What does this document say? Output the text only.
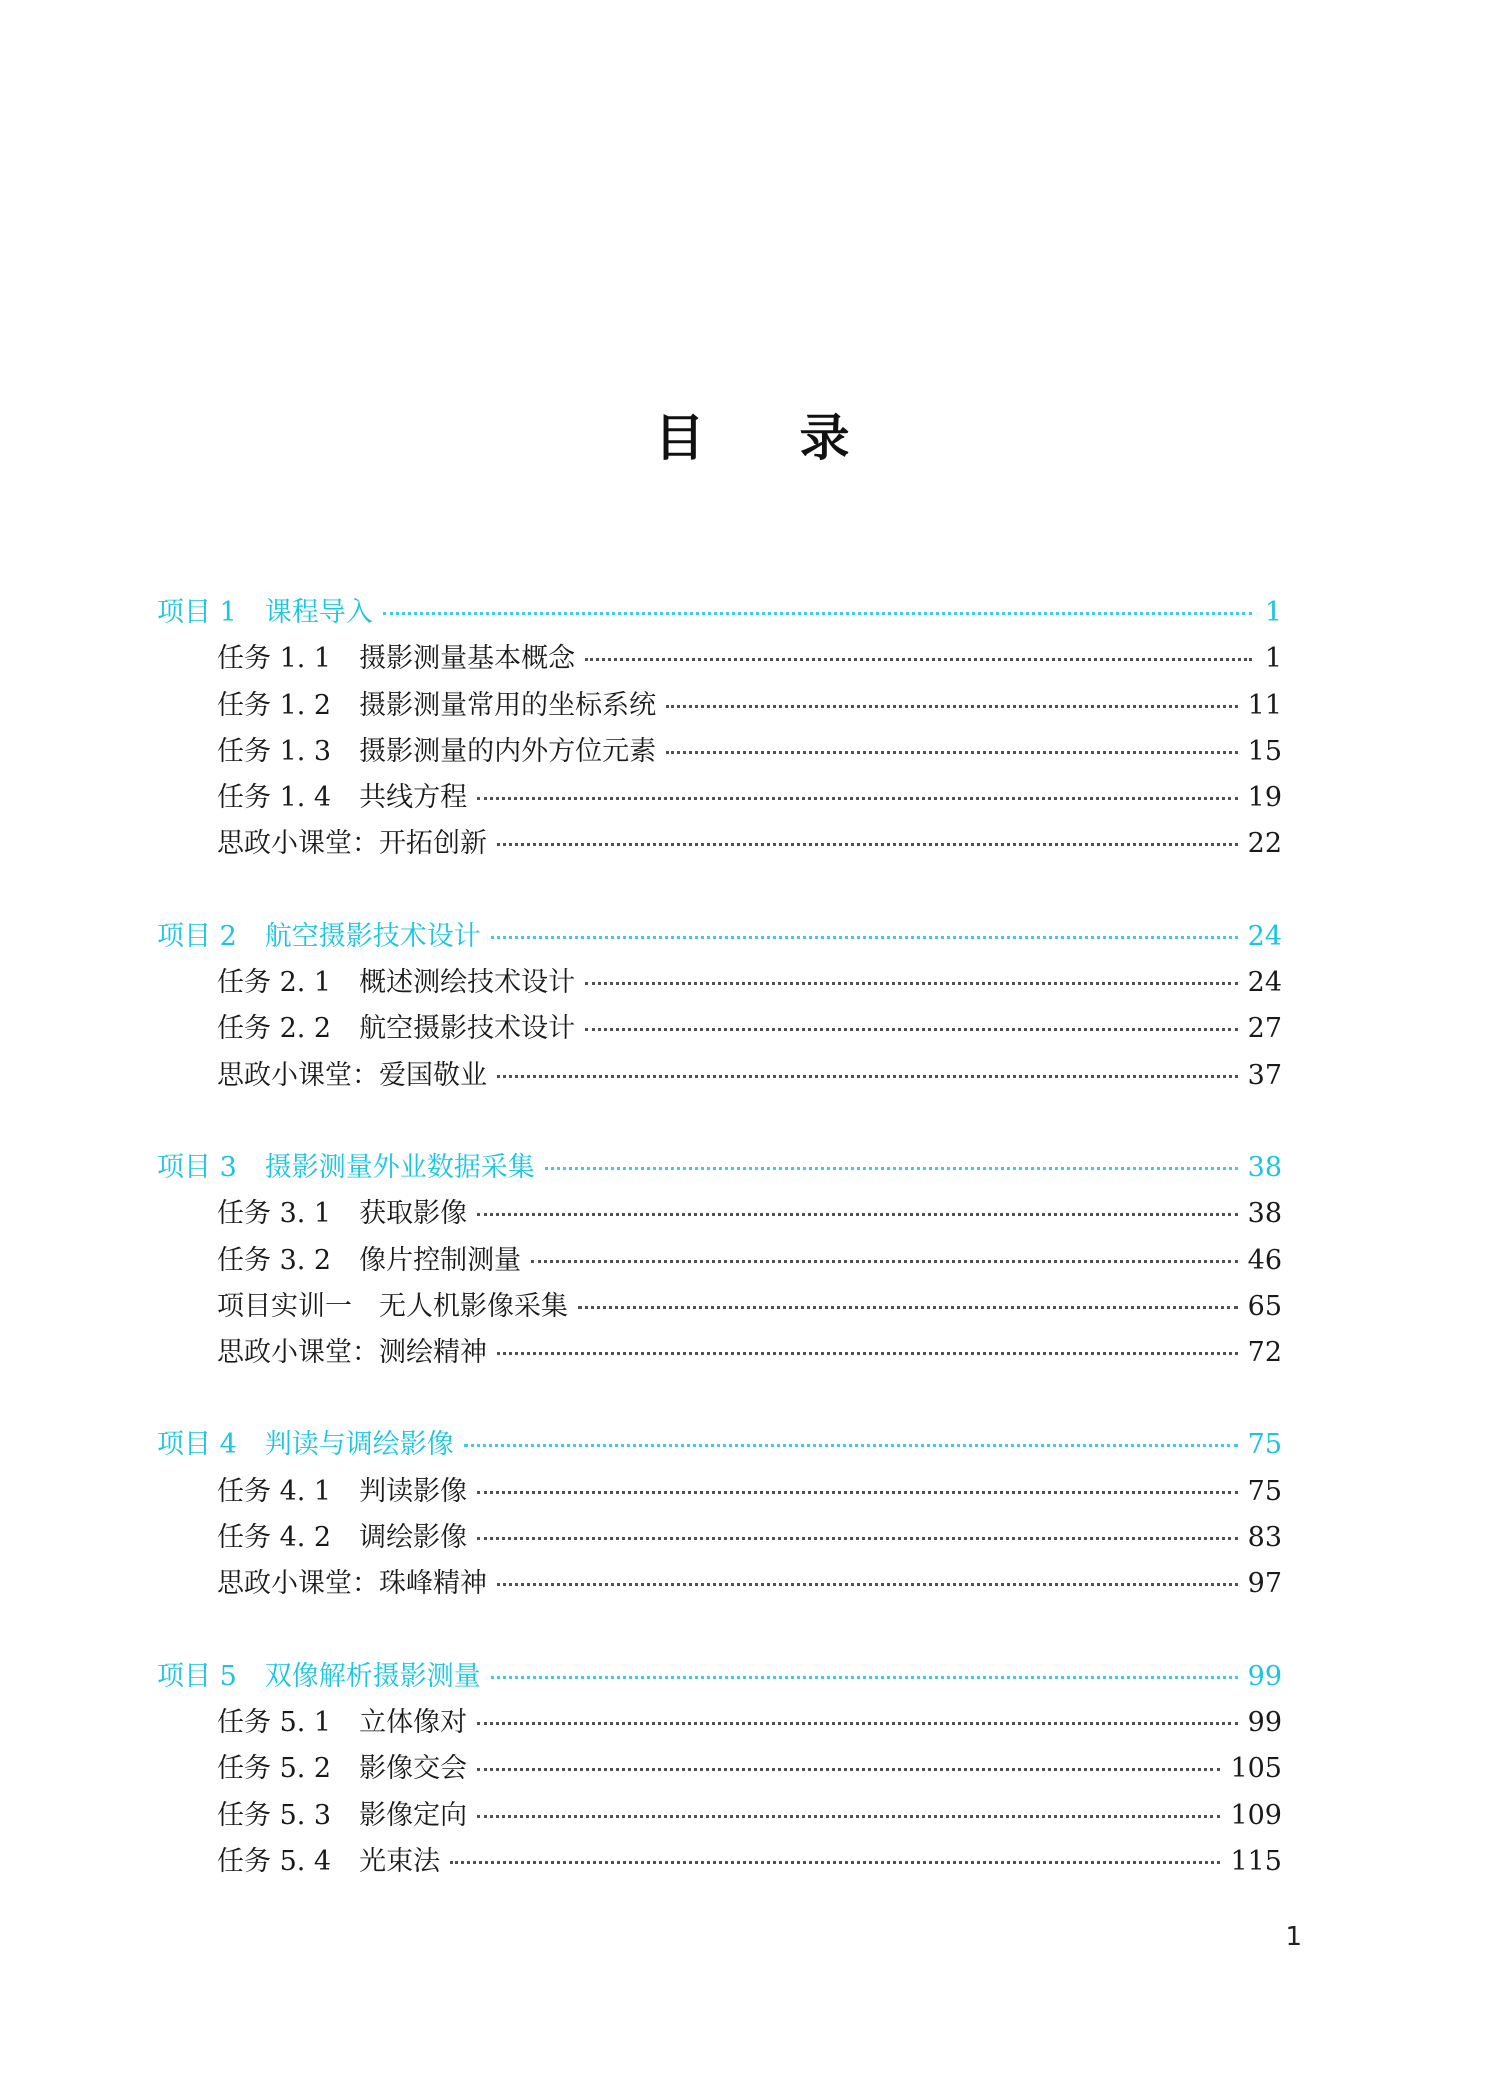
目录
项目 1 课程导入	1
任务 1. 1 摄影测量基本概念	1
任务 1. 2 摄影测量常用的坐标系统	11
任务 1. 3 摄影测量的内外方位元素	15
任务 1. 4 共线方程	19
思政小课堂：开拓创新	22
项目 2 航空摄影技术设计	24
任务 2. 1 概述测绘技术设计	24
任务 2. 2 航空摄影技术设计	27
思政小课堂：爱国敬业	37
项目 3 摄影测量外业数据采集	38
任务 3. 1 获取影像	38
任务 3. 2 像片控制测量	46
项目实训一　无人机影像采集	65
思政小课堂：测绘精神	72
项目 4 判读与调绘影像	75
任务 4. 1 判读影像	75
任务 4. 2 调绘影像	83
思政小课堂：珠峰精神	97
项目 5 双像解析摄影测量	99
任务 5. 1 立体像对	99
任务 5. 2 影像交会	105
任务 5. 3 影像定向	109
任务 5. 4 光束法	115
1
